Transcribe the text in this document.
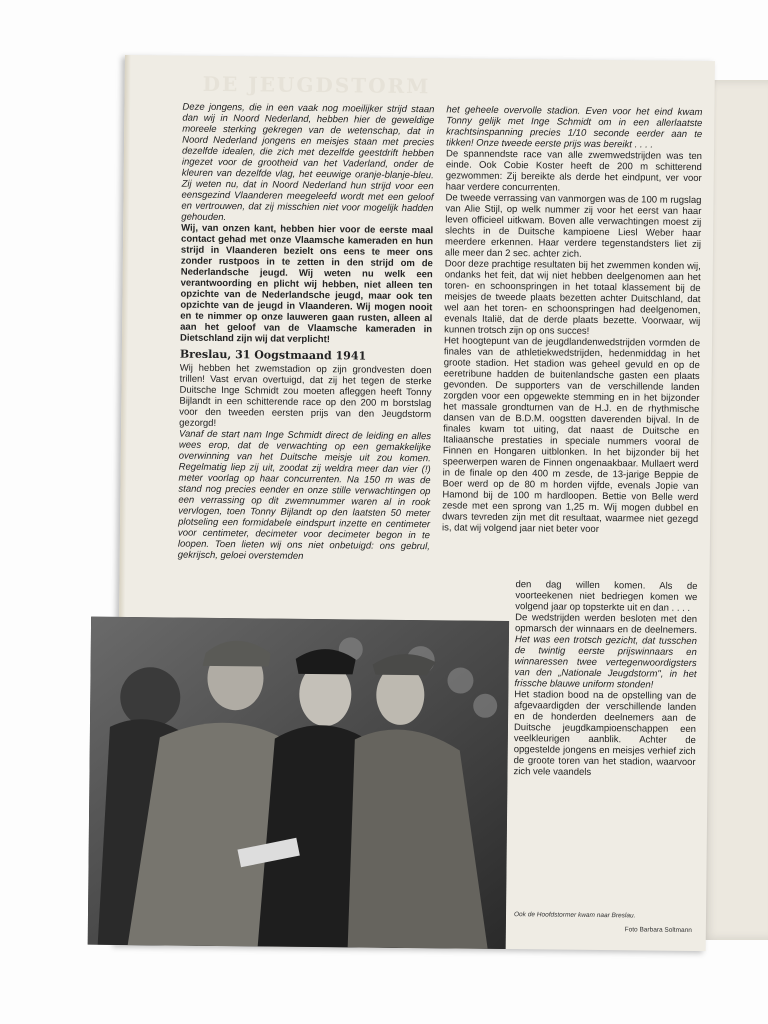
DE JEUGDSTORM

Deze jongens, die in een vaak nog moeilijker strijd staan dan wij in Noord Nederland, hebben hier de geweldige moreele sterking gekregen van de wetenschap, dat in Noord Nederland jongens en meisjes staan met precies dezelfde idealen, die zich met dezelfde geestdrift hebben ingezet voor de grootheid van het Vaderland, onder de kleuren van dezelfde vlag, het eeuwige oranje-blanje-bleu. Zij weten nu, dat in Noord Nederland hun strijd voor een eensgezind Vlaanderen meegeleefd wordt met een geloof en vertrouwen, dat zij misschien niet voor mogelijk hadden gehouden.

Wij, van onzen kant, hebben hier voor de eerste maal contact gehad met onze Vlaamsche kameraden en hun strijd in Vlaanderen bezielt ons eens te meer ons zonder rustpoos in te zetten in den strijd om de Nederlandsche jeugd. Wij weten nu welk een verantwoording en plicht wij hebben, niet alleen ten opzichte van de Nederlandsche jeugd, maar ook ten opzichte van de jeugd in Vlaanderen. Wij mogen nooit en te nimmer op onze lauweren gaan rusten, alleen al aan het geloof van de Vlaamsche kameraden in Dietschland zijn wij dat verplicht!

Breslau, 31 Oogstmaand 1941

Wij hebben het zwemstadion op zijn grondvesten doen trillen! Vast ervan overtuigd, dat zij het tegen de sterke Duitsche Inge Schmidt zou moeten afleggen heeft Tonny Bijlandt in een schitterende race op den 200 m borstslag voor den tweeden eersten prijs van den Jeugdstorm gezorgd!

Vanaf de start nam Inge Schmidt direct de leiding en alles wees erop, dat de verwachting op een gemakkelijke overwinning van het Duitsche meisje uit zou komen. Regelmatig liep zij uit, zoodat zij weldra meer dan vier (!) meter voorlag op haar concurrenten. Na 150 m was de stand nog precies eender en onze stille verwachtingen op een verrassing op dit zwemnummer waren al in rook vervlogen, toen Tonny Bijlandt op den laatsten 50 meter plotseling een formidabele eindspurt inzette en centimeter voor centimeter, decimeter voor decimeter begon in te loopen. Toen lieten wij ons niet onbetuigd: ons gebrul, gekrijsch, geloei overstemden

het geheele overvolle stadion. Even voor het eind kwam Tonny gelijk met Inge Schmidt om in een allerlaatste krachtsinspanning precies 1/10 seconde eerder aan te tikken! Onze tweede eerste prijs was bereikt . . . .

De spannendste race van alle zwemwedstrijden was ten einde. Ook Cobie Koster heeft de 200 m schitterend gezwommen: Zij bereikte als derde het eindpunt, ver voor haar verdere concurrenten.

De tweede verrassing van vanmorgen was de 100 m rugslag van Alie Stijl, op welk nummer zij voor het eerst van haar leven officieel uitkwam. Boven alle verwachtingen moest zij slechts in de Duitsche kampioene Liesl Weber haar meerdere erkennen. Haar verdere tegenstandsters liet zij alle meer dan 2 sec. achter zich.

Door deze prachtige resultaten bij het zwemmen konden wij, ondanks het feit, dat wij niet hebben deelgenomen aan het toren- en schoonspringen in het totaal klassement bij de meisjes de tweede plaats bezetten achter Duitschland, dat wel aan het toren- en schoonspringen had deelgenomen, evenals Italië, dat de derde plaats bezette. Voorwaar, wij kunnen trotsch zijn op ons succes!

Het hoogtepunt van de jeugdlandenwedstrijden vormden de finales van de athletiekwedstrijden, hedenmiddag in het groote stadion. Het stadion was geheel gevuld en op de eeretribune hadden de buitenlandsche gasten een plaats gevonden. De supporters van de verschillende landen zorgden voor een opgewekte stemming en in het bijzonder het massale grondturnen van de H.J. en de rhythmische dansen van de B.D.M. oogstten daverenden bijval. In de finales kwam tot uiting, dat naast de Duitsche en Italiaansche prestaties in speciale nummers vooral de Finnen en Hongaren uitblonken. In het bijzonder bij het speerwerpen waren de Finnen ongenaakbaar. Mullaert werd in de finale op den 400 m zesde, de 13-jarige Beppie de Boer werd op de 80 m horden vijfde, evenals Jopie van Hamond bij de 100 m hardloopen. Bettie von Belle werd zesde met een sprong van 1,25 m. Wij mogen dubbel en dwars tevreden zijn met dit resultaat, waarmee niet gezegd is, dat wij volgend jaar niet beter voor

den dag willen komen. Als de voorteekenen niet bedriegen komen we volgend jaar op topsterkte uit en dan . . . .

De wedstrijden werden besloten met den opmarsch der winnaars en de deelnemers. Het was een trotsch gezicht, dat tusschen de twintig eerste prijswinnaars en winnaressen twee vertegenwoordigsters van den „Nationale Jeugdstorm", in het frissche blauwe uniform stonden!

Het stadion bood na de opstelling van de afgevaardigden der verschillende landen en de honderden deelnemers aan de Duitsche jeugdkampioenschappen een veelkleurigen aanblik. Achter de opgestelde jongens en meisjes verhief zich de groote toren van het stadion, waarvoor zich vele vaandels

Ook de Hoofdstormer kwam naar Breslau.
Foto Barbara Soltmann
